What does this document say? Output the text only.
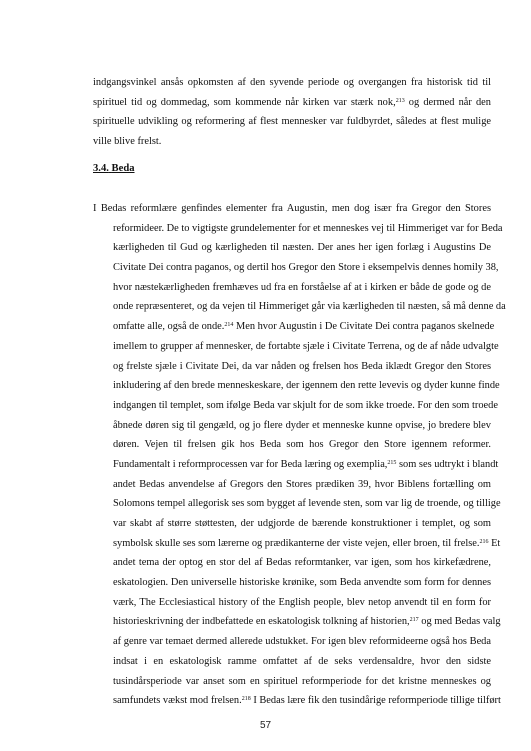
indgangsvinkel ansås opkomsten af den syvende periode og overgangen fra historisk tid til
spirituel tid og dommedag, som kommende når kirken var stærk nok,$^{213}$ og dermed når den
spirituelle udvikling og reformering af flest mennesker var fuldbyrdet, således at flest mulige
ville blive frelst.
3.4. Beda
I Bedas reformlære genfindes elementer fra Augustin, men dog især fra Gregor den Stores
reformideer. De to vigtigste grundelementer for et menneskes vej til Himmeriget var for Beda
kærligheden til Gud og kærligheden til næsten. Der anes her igen forlæg i Augustins De
Civitate Dei contra paganos, og dertil hos Gregor den Store i eksempelvis dennes homily 38,
hvor næstekærligheden fremhæves ud fra en forståelse af at i kirken er både de gode og de
onde repræsenteret, og da vejen til Himmeriget går via kærligheden til næsten, så må denne da
omfatte alle, også de onde.$^{214}$ Men hvor Augustin i De Civitate Dei contra paganos skelnede
imellem to grupper af mennesker, de fortabte sjæle i Civitate Terrena, og de af nåde udvalgte
og frelste sjæle i Civitate Dei, da var nåden og frelsen hos Beda iklædt Gregor den Stores
inkludering af den brede menneskeskare, der igennem den rette levevis og dyder kunne finde
indgangen til templet, som ifølge Beda var skjult for de som ikke troede. For den som troede
åbnede døren sig til gengæld, og jo flere dyder et menneske kunne opvise, jo bredere blev
døren. Vejen til frelsen gik hos Beda som hos Gregor den Store igennem reformer.
Fundamentalt i reformprocessen var for Beda læring og exemplia,$^{215}$ som ses udtrykt i blandt
andet Bedas anvendelse af Gregors den Stores prædiken 39, hvor Biblens fortælling om
Solomons tempel allegorisk ses som bygget af levende sten, som var lig de troende, og tillige
var skabt af større støttesten, der udgjorde de bærende konstruktioner i templet, og som
symbolsk skulle ses som lærerne og prædikanterne der viste vejen, eller broen, til frelse.$^{216}$ Et
andet tema der optog en stor del af Bedas reformtanker, var igen, som hos kirkefædrene,
eskatologien. Den universelle historiske krønike, som Beda anvendte som form for dennes
værk, The Ecclesiastical history of the English people, blev netop anvendt til en form for
historieskrivning der indbefattede en eskatologisk tolkning af historien,$^{217}$ og med Bedas valg
af genre var temaet dermed allerede udstukket. For igen blev reformideerne også hos Beda
indsat i en eskatologisk ramme omfattet af de seks verdensaldre, hvor den sidste
tusindårsperiode var anset som en spirituel reformperiode for det kristne menneskes og
samfundets vækst mod frelsen.$^{218}$ I Bedas lære fik den tusindårige reformperiode tillige tilført
57
